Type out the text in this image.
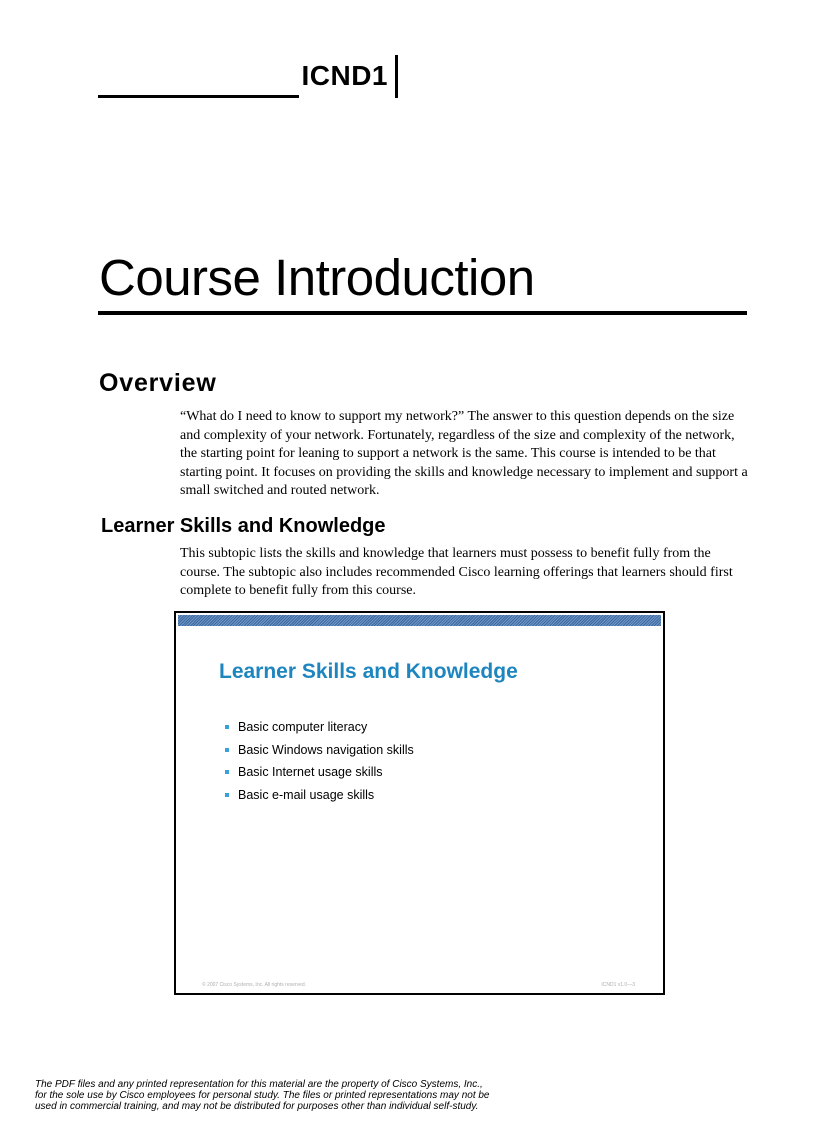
ICND1
Course Introduction
Overview

“What do I need to know to support my network?” The answer to this question depends on the size and complexity of your network. Fortunately, regardless of the size and complexity of the network, the starting point for leaning to support a network is the same. This course is intended to be that starting point. It focuses on providing the skills and knowledge necessary to implement and support a small switched and routed network.

Learner Skills and Knowledge

This subtopic lists the skills and knowledge that learners must possess to benefit fully from the course. The subtopic also includes recommended Cisco learning offerings that learners should first complete to benefit fully from this course.

Learner Skills and Knowledge
Basic computer literacy
Basic Windows navigation skills
Basic Internet usage skills
Basic e-mail usage skills
© 2007 Cisco Systems, Inc. All rights reserved.	ICND1 v1.0—3
The PDF files and any printed representation for this material are the property of Cisco Systems, Inc.,
for the sole use by Cisco employees for personal study. The files or printed representations may not be
used in commercial training, and may not be distributed for purposes other than individual self-study.
